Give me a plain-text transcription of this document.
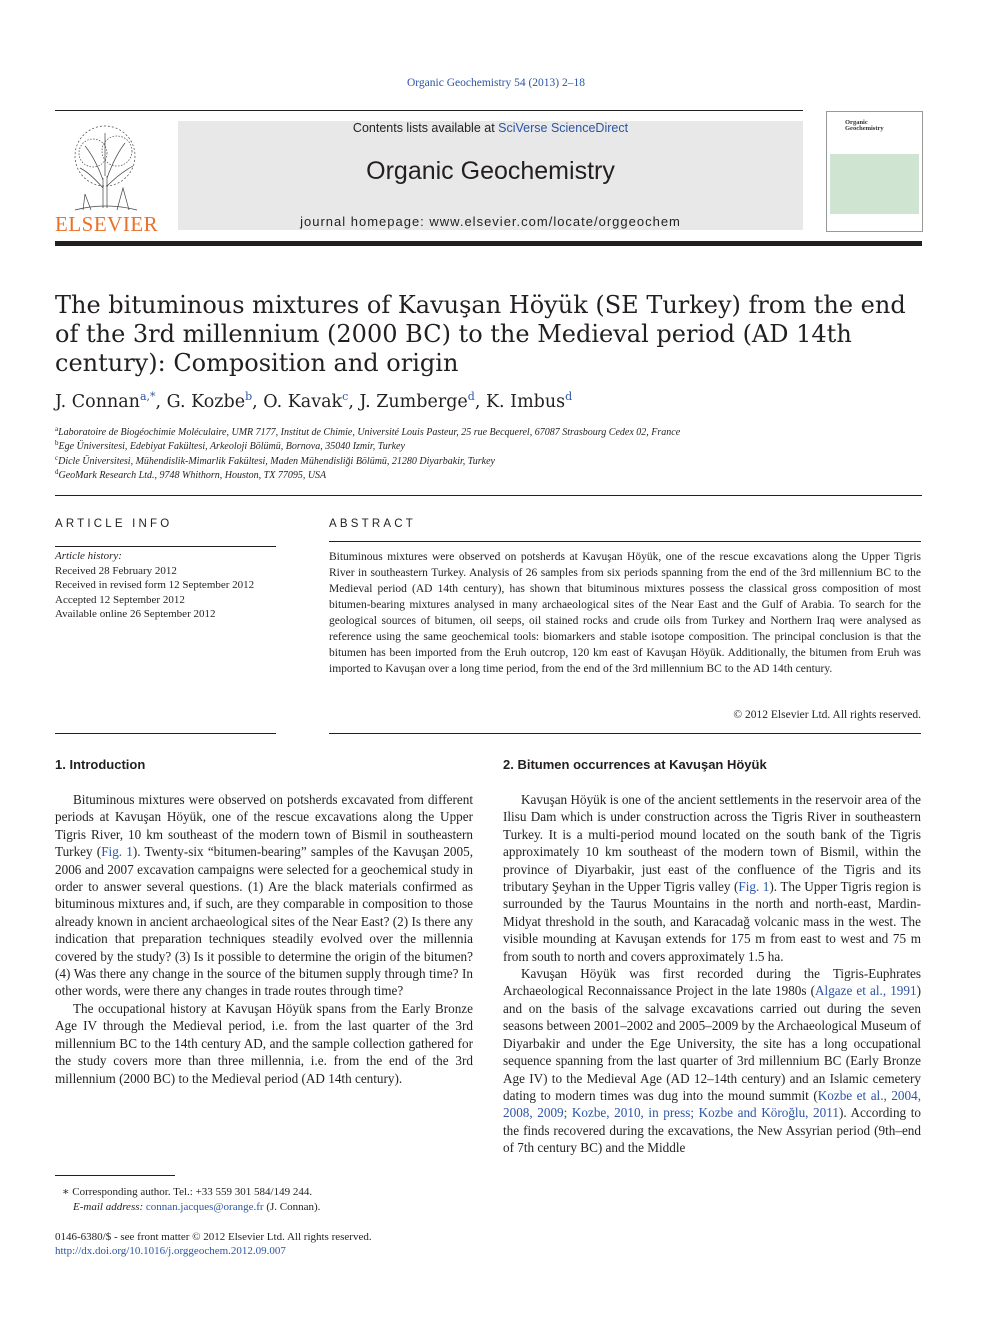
Organic Geochemistry 54 (2013) 2–18
ELSEVIER
Contents lists available at SciVerse ScienceDirect
Organic Geochemistry
journal homepage: www.elsevier.com/locate/orggeochem
Organic Geochemistry
The bituminous mixtures of Kavuşan Höyük (SE Turkey) from the end of the 3rd millennium (2000 BC) to the Medieval period (AD 14th century): Composition and origin
J. Connan$^{a,*}$, G. Kozbe$^b$, O. Kavak$^c$, J. Zumberge$^d$, K. Imbus$^d$
$^a$Laboratoire de Biogéochimie Moléculaire, UMR 7177, Institut de Chimie, Université Louis Pasteur, 25 rue Becquerel, 67087 Strasbourg Cedex 02, France
$^b$Ege Üniversitesi, Edebiyat Fakültesi, Arkeoloji Bölümü, Bornova, 35040 Izmir, Turkey
$^c$Dicle Üniversitesi, Mühendislik-Mimarlik Fakültesi, Maden Mühendisliği Bölümü, 21280 Diyarbakir, Turkey
$^d$GeoMark Research Ltd., 9748 Whithorn, Houston, TX 77095, USA
ARTICLE INFO
Article history:
Received 28 February 2012
Received in revised form 12 September 2012
Accepted 12 September 2012
Available online 26 September 2012
ABSTRACT
Bituminous mixtures were observed on potsherds at Kavuşan Höyük, one of the rescue excavations along the Upper Tigris River in southeastern Turkey. Analysis of 26 samples from six periods spanning from the end of the 3rd millennium BC to the Medieval period (AD 14th century), has shown that bituminous mixtures possess the classical gross composition of most bitumen-bearing mixtures analysed in many archaeological sites of the Near East and the Gulf of Arabia. To search for the geological sources of bitumen, oil seeps, oil stained rocks and crude oils from Turkey and Northern Iraq were analysed as reference using the same geochemical tools: biomarkers and stable isotope composition. The principal conclusion is that the bitumen has been imported from the Eruh outcrop, 120 km east of Kavuşan Höyük. Additionally, the bitumen from Eruh was imported to Kavuşan over a long time period, from the end of the 3rd millennium BC to the AD 14th century.
© 2012 Elsevier Ltd. All rights reserved.
1. Introduction

Bituminous mixtures were observed on potsherds excavated from different periods at Kavuşan Höyük, one of the rescue excavations along the Upper Tigris River, 10 km southeast of the modern town of Bismil in southeastern Turkey (Fig. 1). Twenty-six “bitumen-bearing” samples of the Kavuşan 2005, 2006 and 2007 excavation campaigns were selected for a geochemical study in order to answer several questions. (1) Are the black materials confirmed as bituminous mixtures and, if such, are they comparable in composition to those already known in ancient archaeological sites of the Near East? (2) Is there any indication that preparation techniques steadily evolved over the millennia covered by the study? (3) Is it possible to determine the origin of the bitumen? (4) Was there any change in the source of the bitumen supply through time? In other words, were there any changes in trade routes through time?

The occupational history at Kavuşan Höyük spans from the Early Bronze Age IV through the Medieval period, i.e. from the last quarter of the 3rd millennium BC to the 14th century AD, and the sample collection gathered for the study covers more than three millennia, i.e. from the end of the 3rd millennium (2000 BC) to the Medieval period (AD 14th century).

2. Bitumen occurrences at Kavuşan Höyük

Kavuşan Höyük is one of the ancient settlements in the reservoir area of the Ilisu Dam which is under construction across the Tigris River in southeastern Turkey. It is a multi-period mound located on the south bank of the Tigris approximately 10 km southeast of the modern town of Bismil, within the province of Diyarbakir, just east of the confluence of the Tigris and its tributary Şeyhan in the Upper Tigris valley (Fig. 1). The Upper Tigris region is surrounded by the Taurus Mountains in the north and north-east, Mardin-Midyat threshold in the south, and Karacadağ volcanic mass in the west. The visible mounding at Kavuşan extends for 175 m from east to west and 75 m from south to north and covers approximately 1.5 ha.

Kavuşan Höyük was first recorded during the Tigris-Euphrates Archaeological Reconnaissance Project in the late 1980s (Algaze et al., 1991) and on the basis of the salvage excavations carried out during the seven seasons between 2001–2002 and 2005–2009 by the Archaeological Museum of Diyarbakir and under the Ege University, the site has a long occupational sequence spanning from the last quarter of 3rd millennium BC (Early Bronze Age IV) to the Medieval Age (AD 12–14th century) and an Islamic cemetery dating to modern times was dug into the mound summit (Kozbe et al., 2004, 2008, 2009; Kozbe, 2010, in press; Kozbe and Köroğlu, 2011). According to the finds recovered during the excavations, the New Assyrian period (9th–end of 7th century BC) and the Middle

∗ Corresponding author. Tel.: +33 559 301 584/149 244.
E-mail address: connan.jacques@orange.fr (J. Connan).
0146-6380/$ - see front matter © 2012 Elsevier Ltd. All rights reserved.
http://dx.doi.org/10.1016/j.orggeochem.2012.09.007
